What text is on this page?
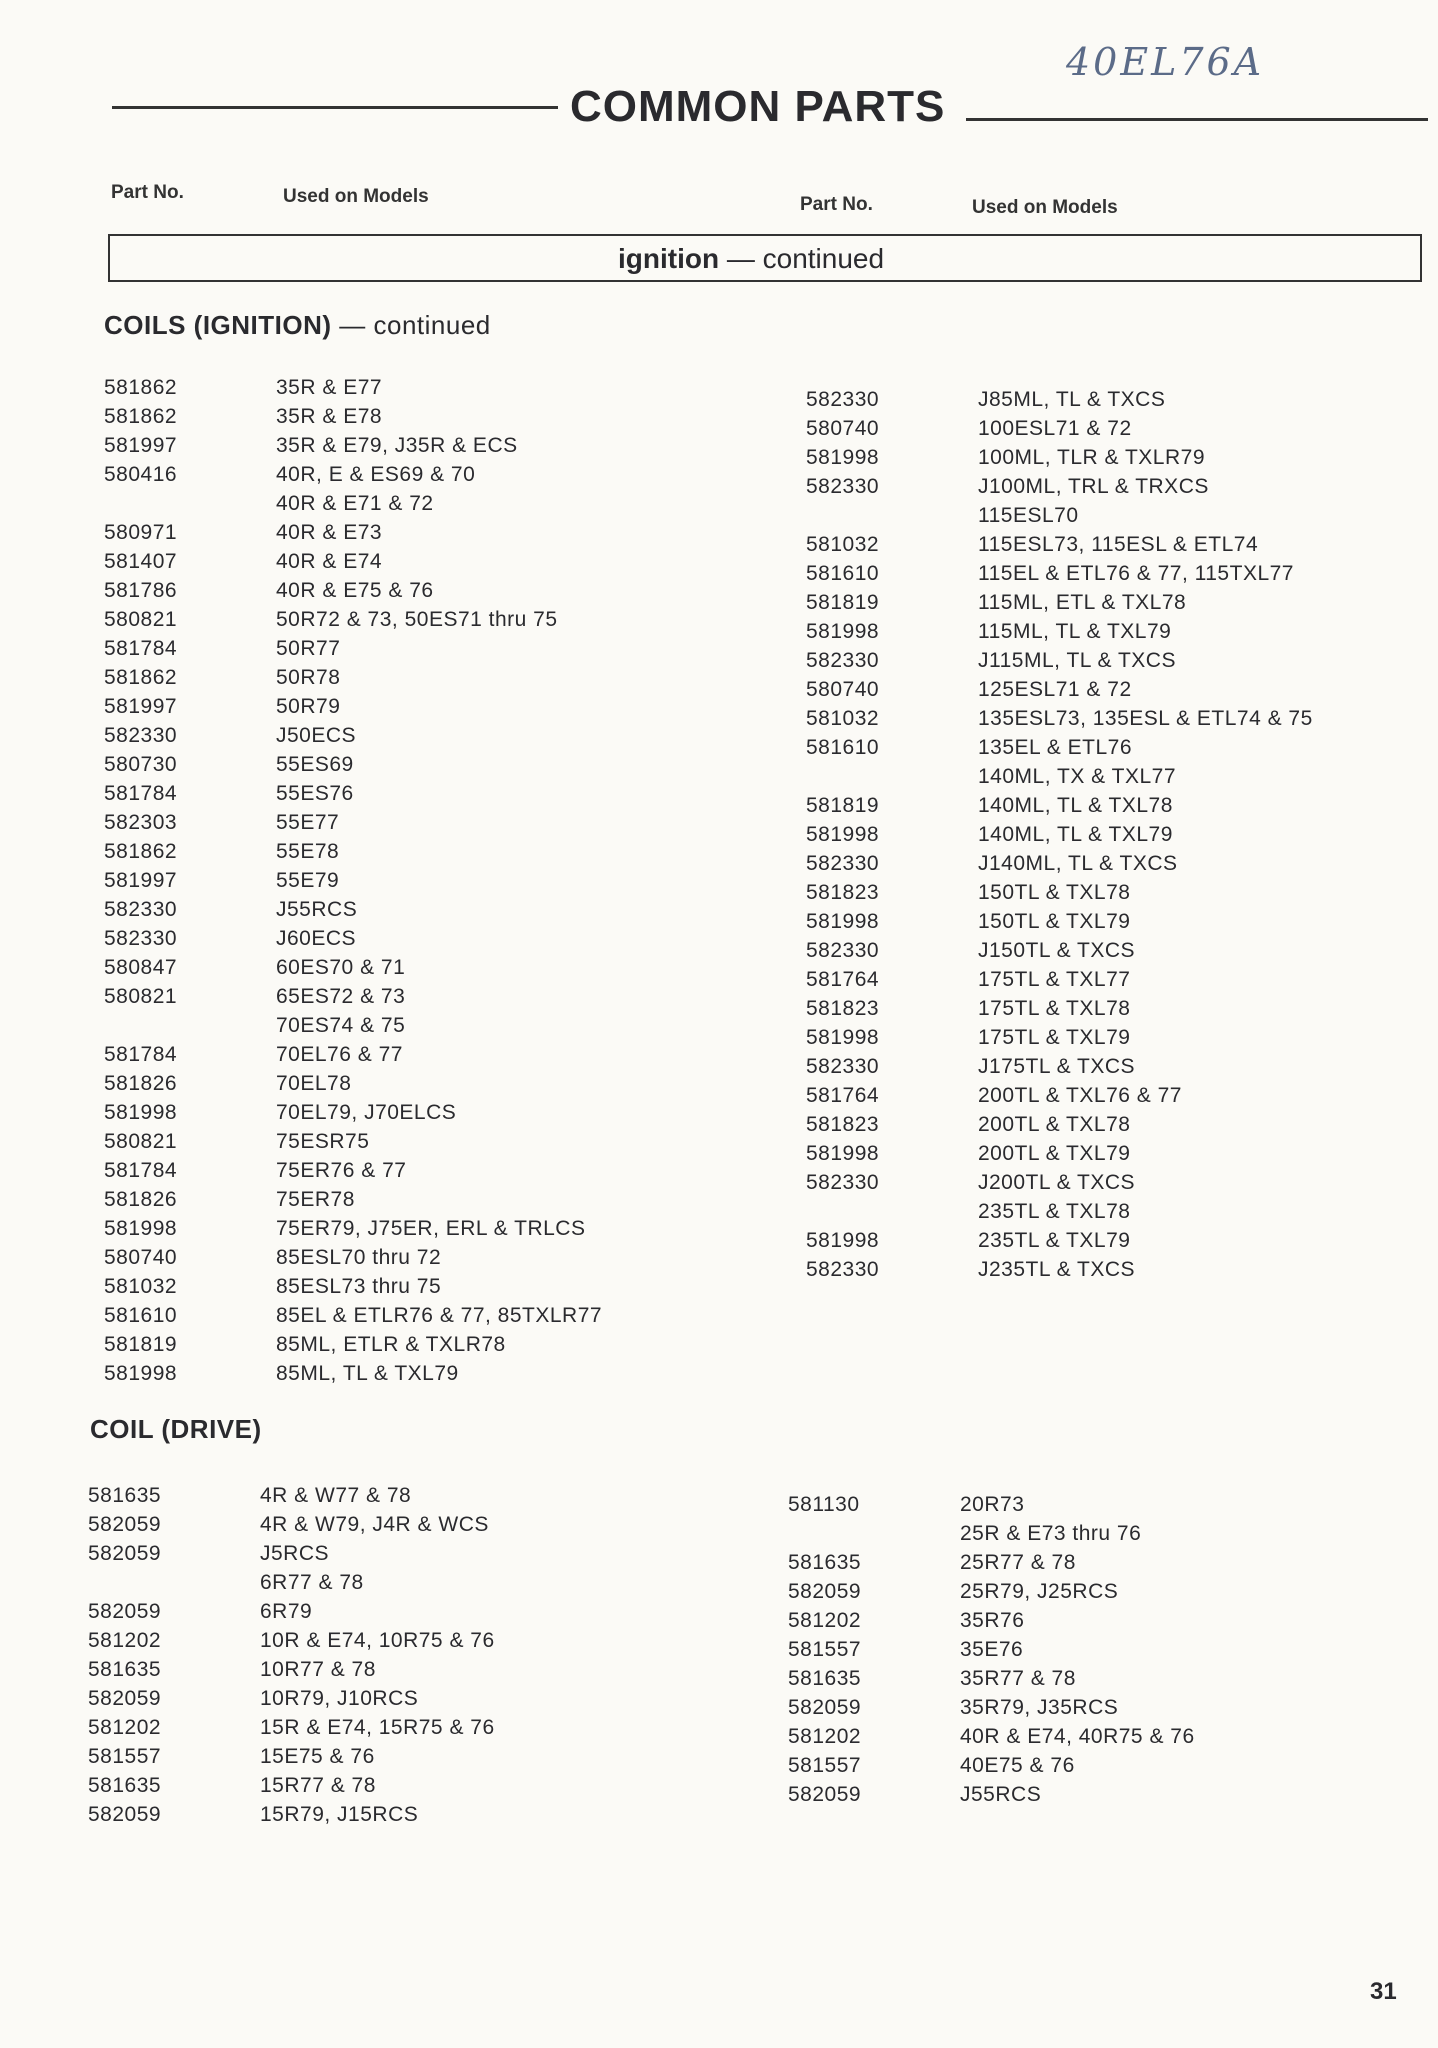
40EL76A
COMMON PARTS
Part No.	Used on Models	Part No.	Used on Models
ignition — continued
COILS (IGNITION) — continued
581862	35R & E77
581862	35R & E78
581997	35R & E79, J35R & ECS
580416	40R, E & ES69 & 70
40R & E71 & 72
580971	40R & E73
581407	40R & E74
581786	40R & E75 & 76
580821	50R72 & 73, 50ES71 thru 75
581784	50R77
581862	50R78
581997	50R79
582330	J50ECS
580730	55ES69
581784	55ES76
582303	55E77
581862	55E78
581997	55E79
582330	J55RCS
582330	J60ECS
580847	60ES70 & 71
580821	65ES72 & 73
70ES74 & 75
581784	70EL76 & 77
581826	70EL78
581998	70EL79, J70ELCS
580821	75ESR75
581784	75ER76 & 77
581826	75ER78
581998	75ER79, J75ER, ERL & TRLCS
580740	85ESL70 thru 72
581032	85ESL73 thru 75
581610	85EL & ETLR76 & 77, 85TXLR77
581819	85ML, ETLR & TXLR78
581998	85ML, TL & TXL79
582330	J85ML, TL & TXCS
580740	100ESL71 & 72
581998	100ML, TLR & TXLR79
582330	J100ML, TRL & TRXCS
115ESL70
581032	115ESL73, 115ESL & ETL74
581610	115EL & ETL76 & 77, 115TXL77
581819	115ML, ETL & TXL78
581998	115ML, TL & TXL79
582330	J115ML, TL & TXCS
580740	125ESL71 & 72
581032	135ESL73, 135ESL & ETL74 & 75
581610	135EL & ETL76
140ML, TX & TXL77
581819	140ML, TL & TXL78
581998	140ML, TL & TXL79
582330	J140ML, TL & TXCS
581823	150TL & TXL78
581998	150TL & TXL79
582330	J150TL & TXCS
581764	175TL & TXL77
581823	175TL & TXL78
581998	175TL & TXL79
582330	J175TL & TXCS
581764	200TL & TXL76 & 77
581823	200TL & TXL78
581998	200TL & TXL79
582330	J200TL & TXCS
235TL & TXL78
581998	235TL & TXL79
582330	J235TL & TXCS
COIL (DRIVE)
581635	4R & W77 & 78
582059	4R & W79, J4R & WCS
582059	J5RCS
6R77 & 78
582059	6R79
581202	10R & E74, 10R75 & 76
581635	10R77 & 78
582059	10R79, J10RCS
581202	15R & E74, 15R75 & 76
581557	15E75 & 76
581635	15R77 & 78
582059	15R79, J15RCS
581130	20R73
25R & E73 thru 76
581635	25R77 & 78
582059	25R79, J25RCS
581202	35R76
581557	35E76
581635	35R77 & 78
582059	35R79, J35RCS
581202	40R & E74, 40R75 & 76
581557	40E75 & 76
582059	J55RCS
31
